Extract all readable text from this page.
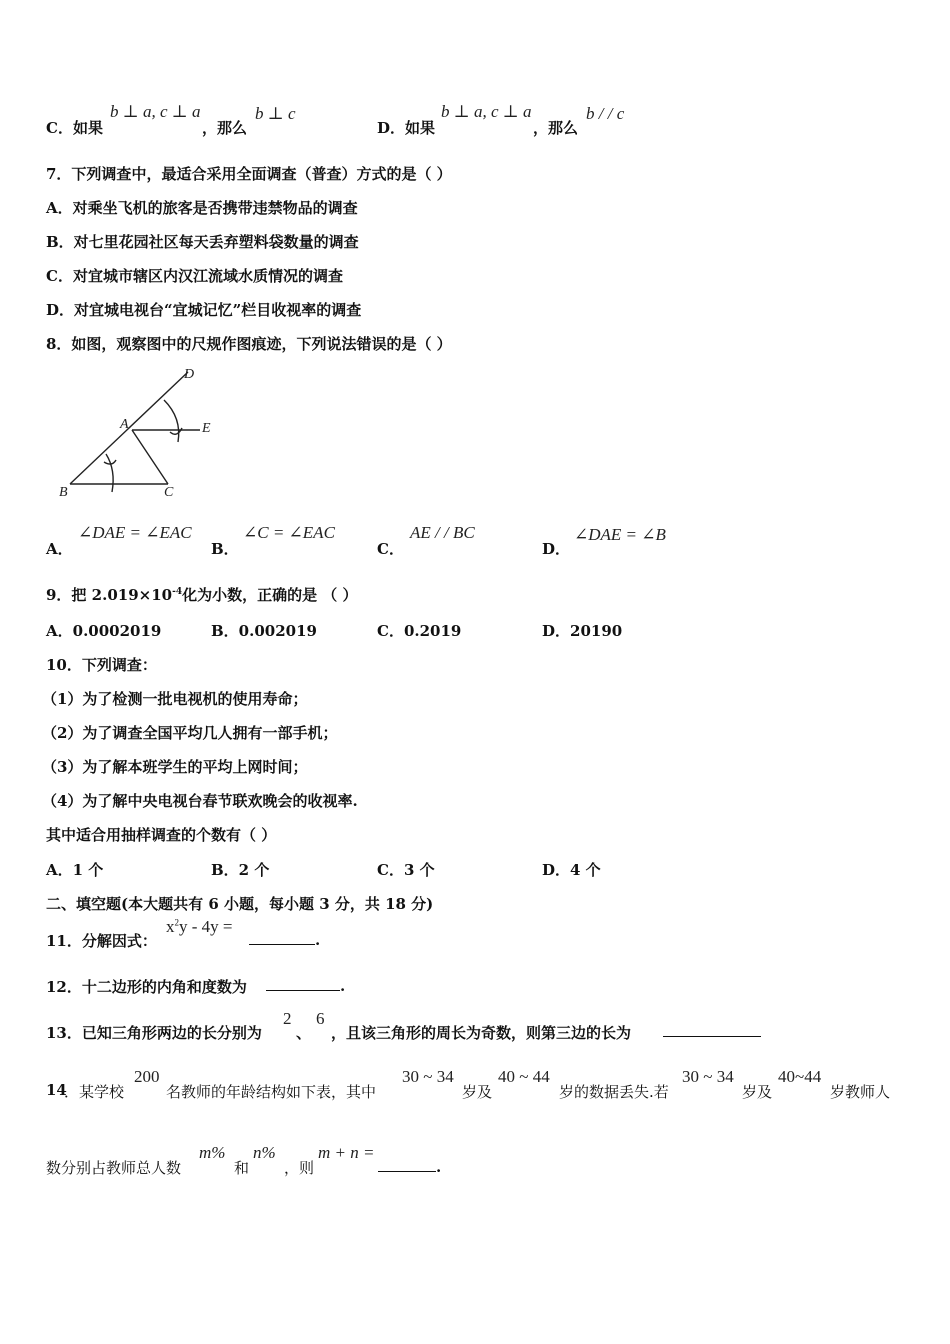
C．如果
b ⊥ a, c ⊥ a
，那么
b ⊥ c
D．如果
b ⊥ a, c ⊥ a
，那么
b / / c
7．下列调查中，最适合采用全面调查（普查）方式的是（ ）
A．对乘坐飞机的旅客是否携带违禁物品的调查
B．对七里花园社区每天丢弃塑料袋数量的调查
C．对宜城市辖区内汉江流域水质情况的调查
D．对宜城电视台“宜城记忆”栏目收视率的调查
8．如图，观察图中的尺规作图痕迹，下列说法错误的是（ ）
D
A	E
B	C
A．
∠DAE = ∠EAC
B．
∠C = ∠EAC
C．
AE / / BC
D．
∠DAE = ∠B
9．把 $2.019\times 10^{-4}$化为小数，正确的是 （ ）
A．0.0002019	B．0.002019	C．0.2019	D．20190
10．下列调查：
（1）为了检测一批电视机的使用寿命；
（2）为了调查全国平均几人拥有一部手机；
（3）为了解本班学生的平均上网时间；
（4）为了解中央电视台春节联欢晚会的收视率.
其中适合用抽样调查的个数有（ ）
A．1 个	B．2 个	C．3 个	D．4 个
二、填空题(本大题共有 6 小题，每小题 3 分，共 18 分)
11．分解因式：
$x^2y - 4y$ =
.
12．十二边形的内角和度数为	.
13．已知三角形两边的长分别为
2
、
6
，且该三角形的周长为奇数，则第三边的长为
14
．某学校
200
名教师的年龄结构如下表，其中
30 ~ 34
岁及
40 ~ 44
岁的数据丢失.若
30 ~ 34
岁及
40~44
岁教师人
数分别占教师总人数
m%
和
n%
，则
m + n =
.
